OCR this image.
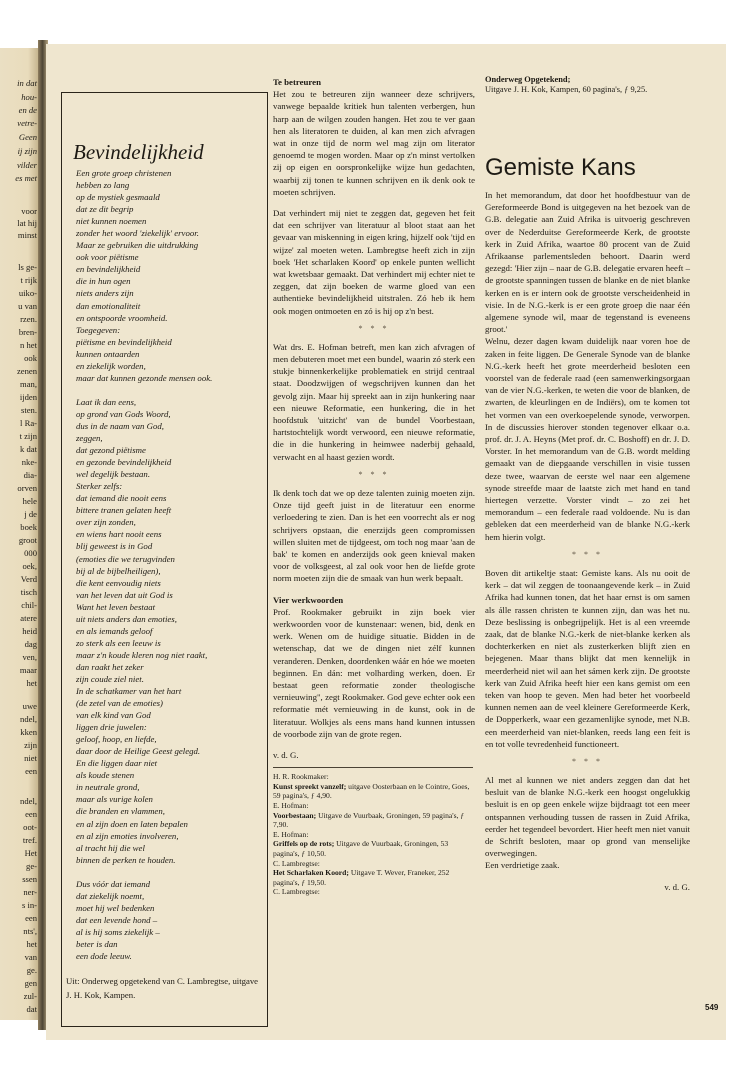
in dat
hou-
en de
vetre-
Geen
ij zijn
vilder
es met
voor
lat hij
minst
ls ge-
t rijk
uiko-
u van
rzen.
bren-
n het
ook
zenen
man,
ijden
sten.
l Ra-
t zijn
k dat
nke-
dia-
orven
hele
j de
boek
groot
000
oek,
Verd
tisch
chil-
atere
heid
dag
ven,
maar
het
uwe
ndel,
kken
zijn
niet
een
ndel,
een
oot-
tref.
Het
ge-
ssen
ner-
s in-
een
nts',
het
van
ge.
gen
zul-
dat
Bevindelijkheid
Een grote groep christenen
hebben zo lang
op de mystiek gesmaald
dat ze dit begrip
niet kunnen noemen
zonder het woord 'ziekelijk' ervoor.
Maar ze gebruiken die uitdrukking
ook voor piëtisme
en bevindelijkheid
die in hun ogen
niets anders zijn
dan emotionaliteit
en ontspoorde vroomheid.
Toegegeven:
piëtisme en bevindelijkheid
kunnen ontaarden
en ziekelijk worden,
maar dat kunnen gezonde mensen ook.
Laat ik dan eens,
op grond van Gods Woord,
dus in de naam van God,
zeggen,
dat gezond piëtisme
en gezonde bevindelijkheid
wel degelijk bestaan.
Sterker zelfs:
dat iemand die nooit eens
bittere tranen gelaten heeft
over zijn zonden,
en wiens hart nooit eens
blij geweest is in God
(emoties die we terugvinden
bij al de bijbelheiligen),
die kent eenvoudig niets
van het leven dat uit God is
Want het leven bestaat
uit niets anders dan emoties,
en als iemands geloof
zo sterk als een leeuw is
maar z'n koude kleren nog niet raakt,
dan raakt het zeker
zijn coude ziel niet.
In de schatkamer van het hart
(de zetel van de emoties)
van elk kind van God
liggen drie juwelen:
geloof, hoop, en liefde,
daar door de Heilige Geest gelegd.
En die liggen daar niet
als koude stenen
in neutrale grond,
maar als vurige kolen
die branden en vlammen,
en al zijn doen en laten bepalen
en al zijn emoties involveren,
al tracht hij die wel
binnen de perken te houden.
Dus vóór dat iemand
dat ziekelijk noemt,
moet hij wel bedenken
dat een levende hond –
al is hij soms ziekelijk –
beter is dan
een dode leeuw.
Uit: Onderweg opgetekend van C. Lambregtse, uitgave J. H. Kok, Kampen.
Te betreuren

Het zou te betreuren zijn wanneer deze schrijvers, vanwege bepaalde kritiek hun talenten verbergen, hun harp aan de wilgen zouden hangen. Het zou te ver gaan hen als literatoren te duiden, al kan men zich afvragen wat in onze tijd de norm wel mag zijn om literator genoemd te mogen worden. Maar op z'n minst vertolken zij op eigen en oorspronkelijke wijze hun gedachten, waarbij zij tonen te kunnen schrijven en ik denk ook te moeten schrijven.

Dat verhindert mij niet te zeggen dat, gegeven het feit dat een schrijver van literatuur al bloot staat aan het gevaar van miskenning in eigen kring, hijzelf ook 'tijd en wijze' zal moeten weten. Lambregtse heeft zich in zijn boek 'Het scharlaken Koord' op enkele punten wellicht wat kwetsbaar gemaakt. Dat verhindert mij echter niet te zeggen, dat zijn boeken de warme gloed van een authentieke bevindelijkheid uitstralen. Zó heb ik hem ook mogen ontmoeten en zó is hij op z'n best.

* * *

Wat drs. E. Hofman betreft, men kan zich afvragen of men debuteren moet met een bundel, waarin zó sterk een stukje binnenkerkelijke problematiek en strijd centraal staat. Doodzwijgen of wegschrijven kunnen dan het gevolg zijn. Maar hij spreekt aan in zijn hunkering naar een nieuwe Reformatie, een hunkering, die in het hoofdstuk 'uitzicht' van de bundel Voorbestaan, hartstochtelijk wordt verwoord, een nieuwe reformatie, die in die hunkering in heimwee naderbij gehaald, verwacht en al haast gezien wordt.

* * *

Ik denk toch dat we op deze talenten zuinig moeten zijn. Onze tijd geeft juist in de literatuur een enorme verloedering te zien. Dan is het een voorrecht als er nog schrijvers opstaan, die enerzijds geen compromissen willen sluiten met de tijdgeest, om toch nog maar 'aan de bak' te komen en anderzijds ook geen knieval maken voor de volksgeest, al zal ook voor hen de liefde grote norm moeten zijn die de smaak van hun werk bepaalt.

Vier werkwoorden

Prof. Rookmaker gebruikt in zijn boek vier werkwoorden voor de kunstenaar: wenen, bid, denk en werk. Wenen om de huidige situatie. Bidden in de wetenschap, dat we de dingen niet zélf kunnen veranderen. Denken, doordenken wáár en hóe we moeten beginnen. En dán: met volharding werken, doen. Er bestaat geen reformatie zonder theologische vernieuwing", zegt Rookmaker. God geve echter ook een reformatie mét vernieuwing in de kunst, ook in de literatuur. Wolkjes als eens mans hand kunnen intussen de voorbode zijn van de grote regen.

v. d. G.

H. R. Rookmaker:
Kunst spreekt vanzelf; uitgave Oosterbaan en le Cointre, Goes, 59 pagina's, ƒ 4,90.
E. Hofman:
Voorbestaan; Uitgave de Vuurbaak, Groningen, 59 pagina's, ƒ 7,90.
E. Hofman:
Griffels op de rots; Uitgave de Vuurbaak, Groningen, 53 pagina's, ƒ 10,50.
C. Lambregtse:
Het Scharlaken Koord; Uitgave T. Wever, Franeker, 252 pagina's, ƒ 19,50.
C. Lambregtse:
Onderweg Opgetekend;
Uitgave J. H. Kok, Kampen, 60 pagina's, ƒ 9,25.
Gemiste Kans

In het memorandum, dat door het hoofdbestuur van de Gereformeerde Bond is uitgegeven na het bezoek van de G.B. delegatie aan Zuid Afrika is uitvoerig geschreven over de Nederduitse Gereformeerde Kerk, de grootste kerk in Zuid Afrika, waartoe 80 procent van de Zuid Afrikaanse parlementsleden behoort. Daarin werd gezegd: 'Hier zijn – naar de G.B. delegatie ervaren heeft – de grootste spanningen tussen de blanke en de niet blanke kerken en is er intern ook de grootste verscheidenheid in visie. In de N.G.-kerk is er een grote groep die naar één algemene synode wil, maar de tegenstand is eveneens groot.'

Welnu, dezer dagen kwam duidelijk naar voren hoe de zaken in feite liggen. De Generale Synode van de blanke N.G.-kerk heeft het grote meerderheid besloten een voorstel van de federale raad (een samenwerkingsorgaan van de vier N.G.-kerken, te weten die voor de blanken, de zwarten, de kleurlingen en de Indiërs), om te komen tot het vormen van een overkoepelende synode, verworpen. In de discussies hierover stonden tegenover elkaar o.a. prof. dr. J. A. Heyns (Met prof. dr. C. Boshoff) en dr. J. D. Vorster. In het memorandum van de G.B. wordt melding gemaakt van de diepgaande verschillen in visie tussen deze twee, waarvan de eerste wel naar een algemene synode streefde maar de laatste zich met hand en tand hiertegen verzette. Vorster vindt – zo zei het memorandum – een federale raad voldoende. Nu is dan gebleken dat een meerderheid van de blanke N.G.-kerk hem hierin volgt.

* * *

Boven dit artikeltje staat: Gemiste kans. Als nu ooit de kerk – dat wil zeggen de toonaangevende kerk – in Zuid Afrika had kunnen tonen, dat het haar ernst is om samen als álle rassen christen te kunnen zijn, dan was het nu. Deze beslissing is onbegrijpelijk. Het is al een vreemde zaak, dat de blanke N.G.-kerk de niet-blanke kerken als dochterkerken en niet als zusterkerken blijft zien en bejegenen. Maar thans blijkt dat men kennelijk in meerderheid niet wil aan het sámen kerk zijn. De grootste kerk van Zuid Afrika heeft hier een kans gemist om een teken van hoop te geven. Men had beter het voorbeeld kunnen nemen aan de veel kleinere Gereformeerde Kerk, de Dopperkerk, waar een gezamenlijke synode, met N.B. een meerderheid van niet-blanken, reeds lang een feit is en tot volle tevredenheid functioneert.

* * *

Al met al kunnen we niet anders zeggen dan dat het besluit van de blanke N.G.-kerk een hoogst ongelukkig besluit is en op geen enkele wijze bijdraagt tot een meer ontspannen verhouding tussen de rassen in Zuid Afrika, eerder het tegendeel bevordert. Hier heeft men niet vanuit de Schrift besloten, maar op grond van menselijke overwegingen.

Een verdrietige zaak.

v. d. G.

549
